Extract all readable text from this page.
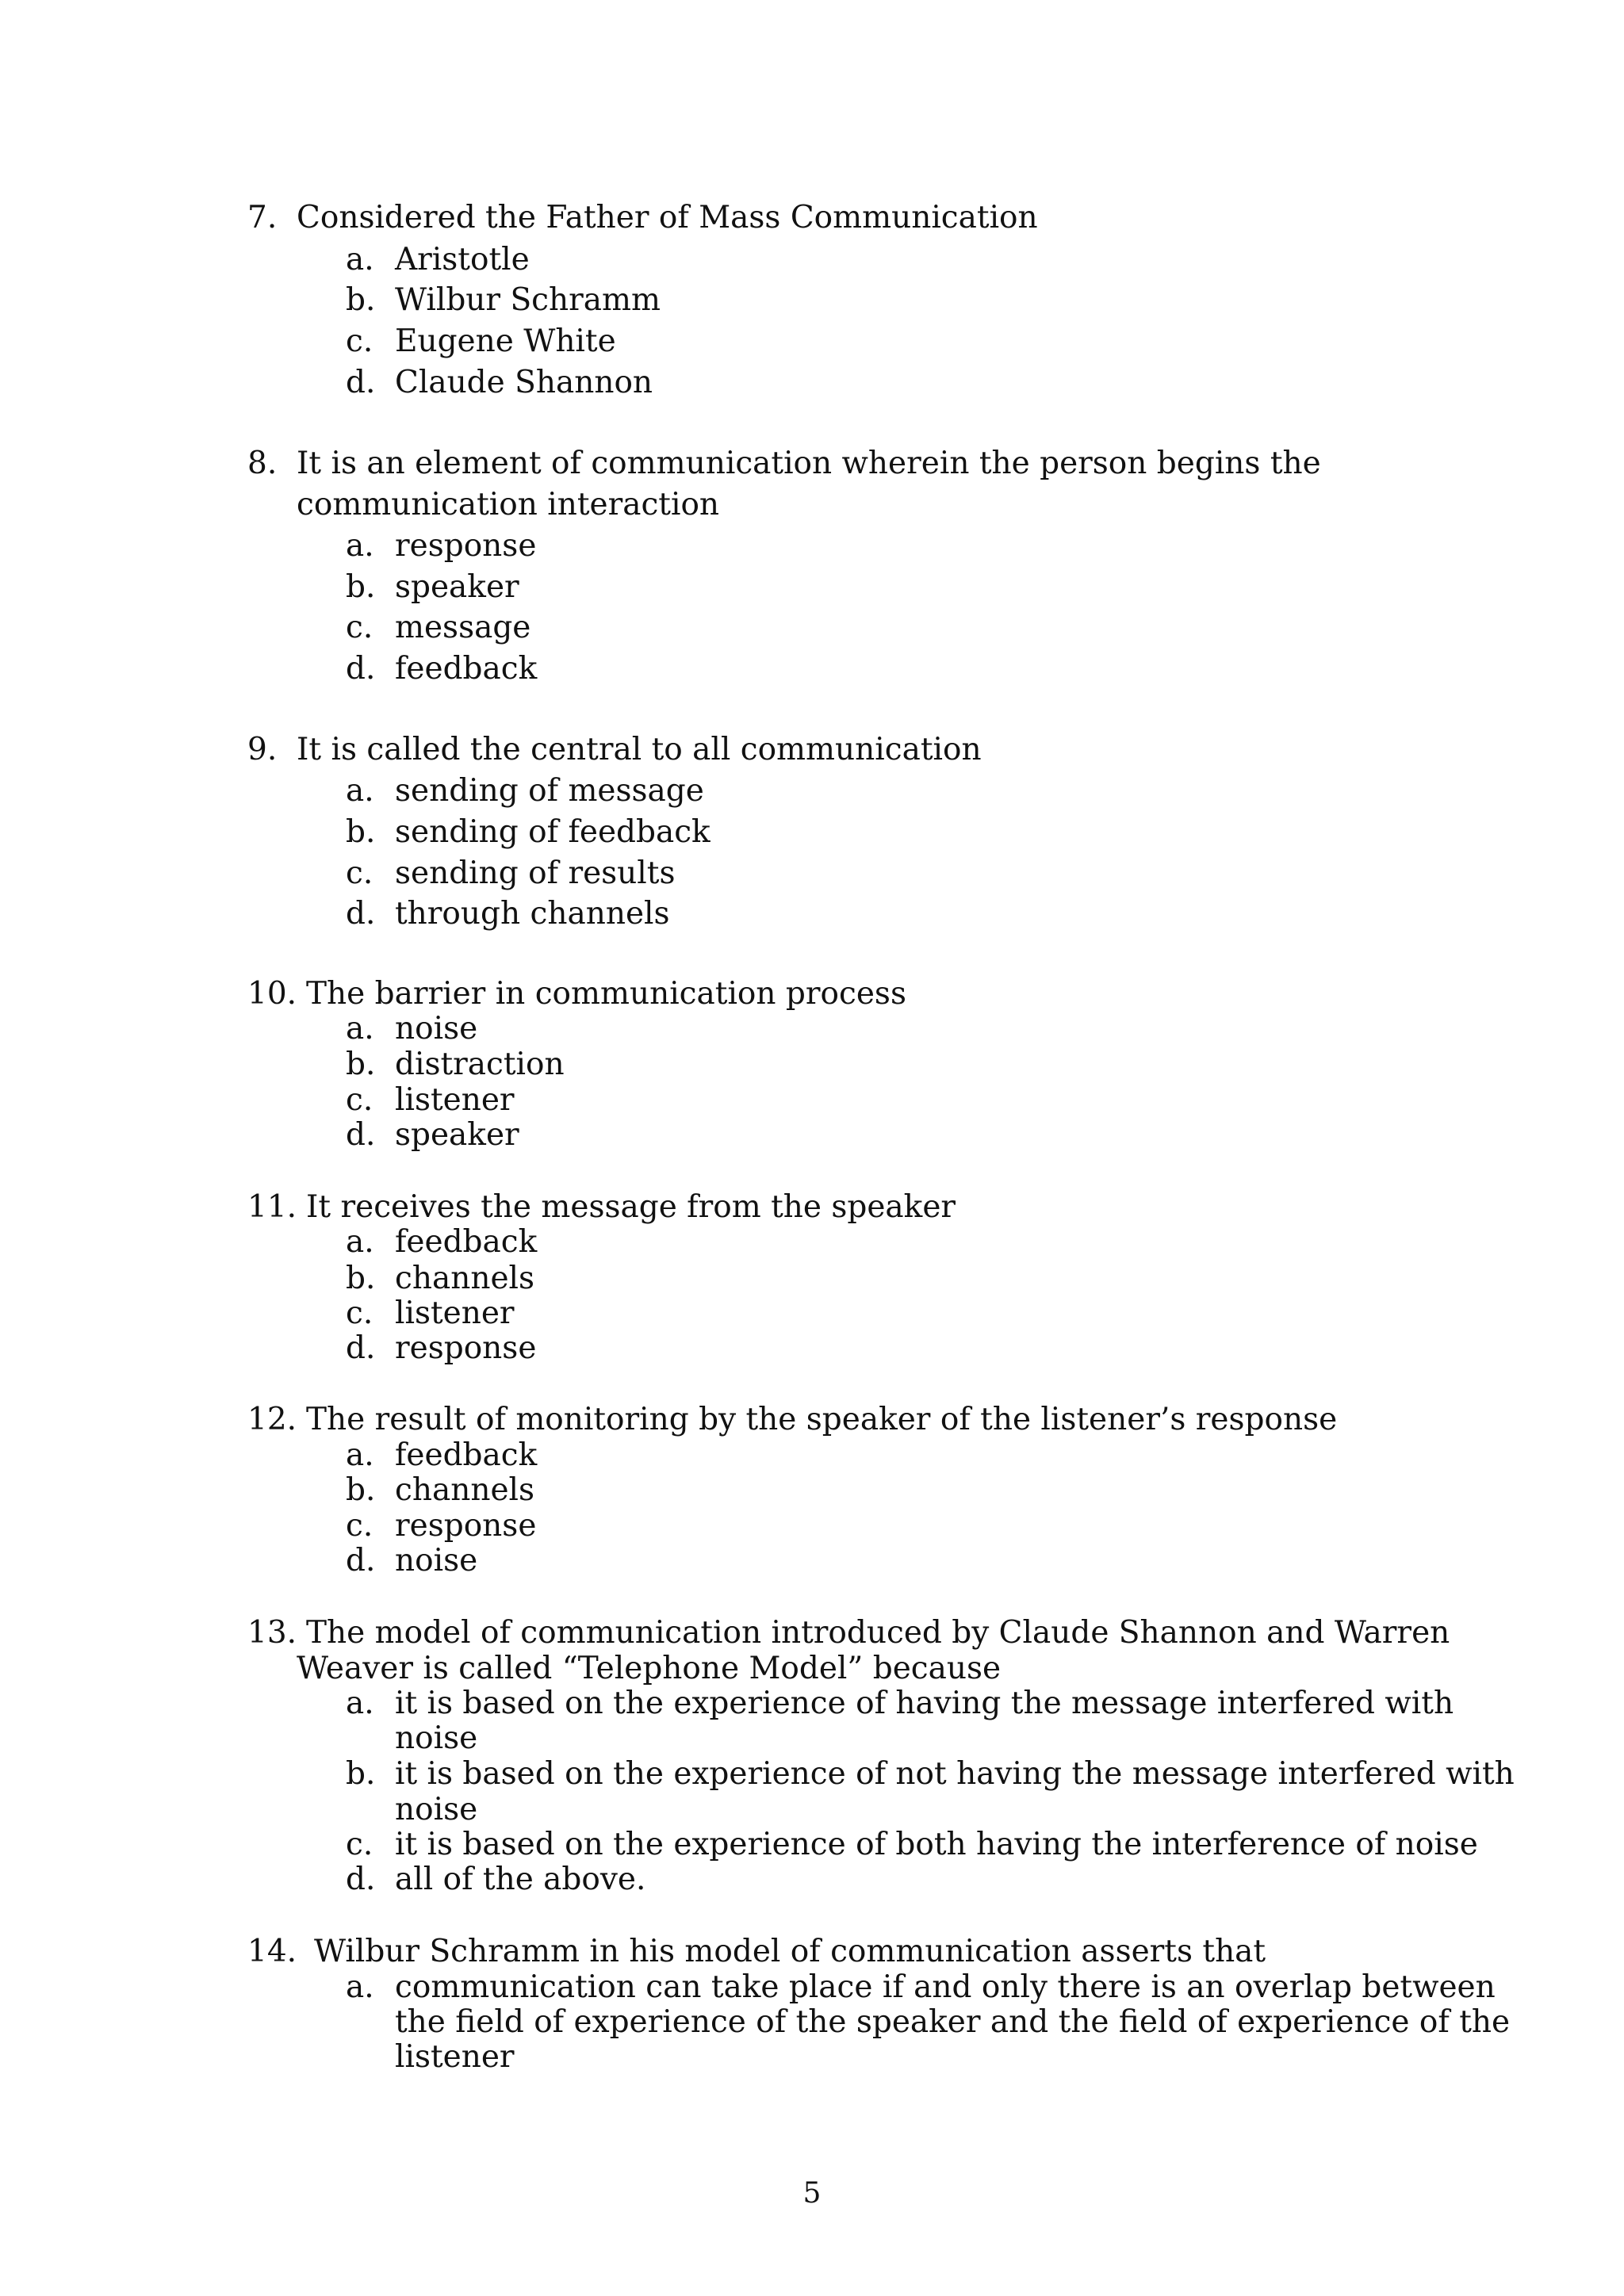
7. Considered the Father of Mass Communication
a. Aristotle
b. Wilbur Schramm
c. Eugene White
d. Claude Shannon
8. It is an element of communication wherein the person begins the
communication interaction
a. response
b. speaker
c. message
d. feedback
9. It is called the central to all communication
a. sending of message
b. sending of feedback
c. sending of results
d. through channels
10. The barrier in communication process
a. noise
b. distraction
c. listener
d. speaker
11. It receives the message from the speaker
a. feedback
b. channels
c. listener
d. response
12. The result of monitoring by the speaker of the listener’s response
a. feedback
b. channels
c. response
d. noise
13. The model of communication introduced by Claude Shannon and Warren
Weaver is called “Telephone Model” because
a. it is based on the experience of having the message interfered with
noise
b. it is based on the experience of not having the message interfered with
noise
c. it is based on the experience of both having the interference of noise
d. all of the above.
14. Wilbur Schramm in his model of communication asserts that
a. communication can take place if and only there is an overlap between
the field of experience of the speaker and the field of experience of the
listener
5
